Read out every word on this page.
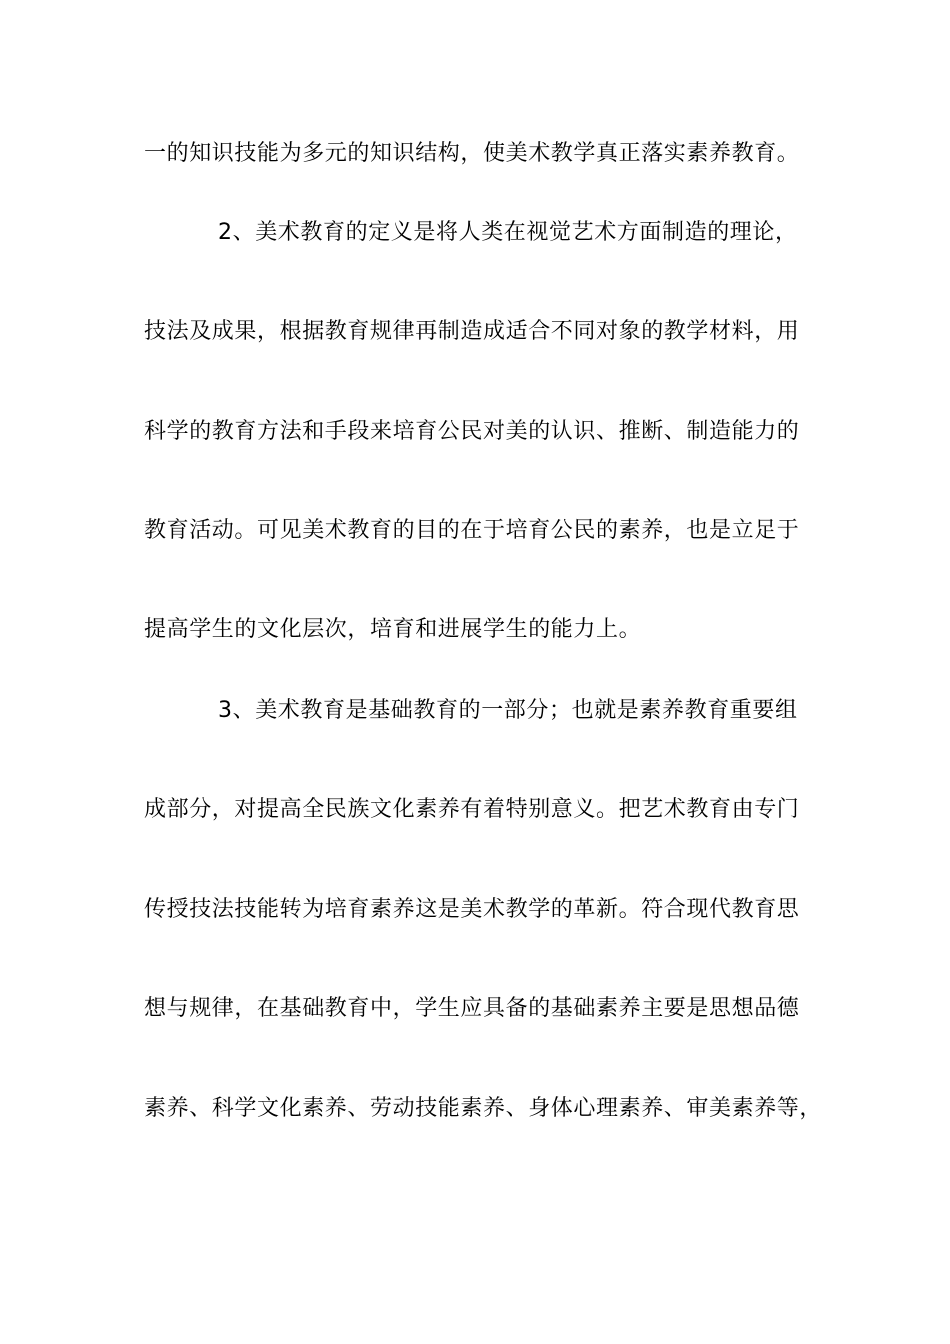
一的知识技能为多元的知识结构，使美术教学真正落实素养教育。
2、美术教育的定义是将人类在视觉艺术方面制造的理论，
技法及成果，根据教育规律再制造成适合不同对象的教学材料，用
科学的教育方法和手段来培育公民对美的认识、推断、制造能力的
教育活动。可见美术教育的目的在于培育公民的素养，也是立足于
提高学生的文化层次，培育和进展学生的能力上。
3、美术教育是基础教育的一部分；也就是素养教育重要组
成部分，对提高全民族文化素养有着特别意义。把艺术教育由专门
传授技法技能转为培育素养这是美术教学的革新。符合现代教育思
想与规律，在基础教育中，学生应具备的基础素养主要是思想品德
素养、科学文化素养、劳动技能素养、身体心理素养、审美素养等，
